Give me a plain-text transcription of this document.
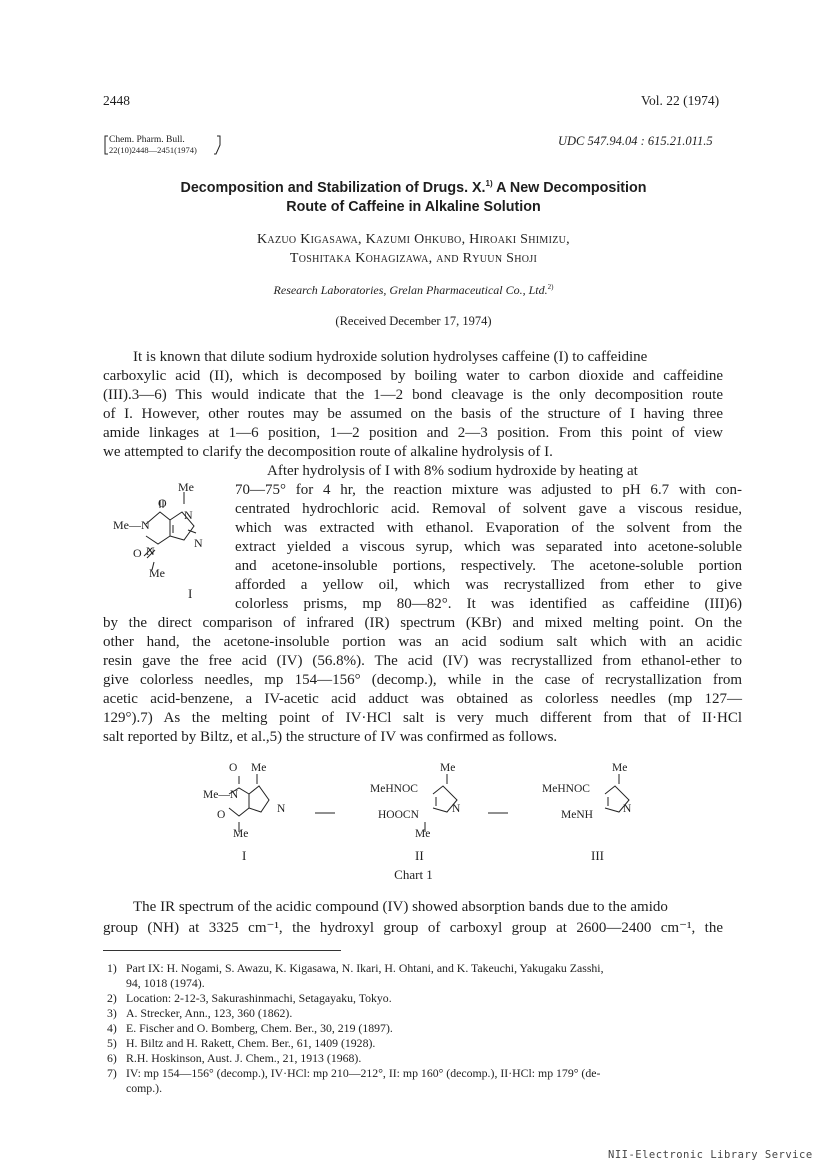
2448	Vol. 22 (1974)
Chem. Pharm. Bull.
22(10)2448—2451(1974)
UDC 547.94.04 : 615.21.011.5
Decomposition and Stabilization of Drugs. X.$^{1)}$ A New Decomposition
Route of Caffeine in Alkaline Solution
Kazuo Kigasawa, Kazumi Ohkubo, Hiroaki Shimizu,
Toshitaka Kohagizawa, and Ryuun Shoji
Research Laboratories, Grelan Pharmaceutical Co., Ltd.$^{2)}$
(Received December 17, 1974)
It is known that dilute sodium hydroxide solution hydrolyses caffeine (I) to caffeidine
carboxylic acid (II), which is decomposed by boiling water to carbon dioxide and caffeidine
(III).3—6) This would indicate that the 1—2 bond cleavage is the only decomposition route
of I. However, other routes may be assumed on the basis of the structure of I having three
amide linkages at 1—6 position, 1—2 position and 2—3 position. From this point of view
we attempted to clarify the decomposition route of alkaline hydrolysis of I.
Me
O
Me—N
N
N
O N
Me
I
After hydrolysis of I with 8% sodium hydroxide by heating at
70—75° for 4 hr, the reaction mixture was adjusted to pH 6.7 with con-
centrated hydrochloric acid. Removal of solvent gave a viscous residue,
which was extracted with ethanol. Evaporation of the solvent from the
extract yielded a viscous syrup, which was separated into acetone-soluble
and acetone-insoluble portions, respectively. The acetone-soluble portion
afforded a yellow oil, which was recrystallized from ether to give
colorless prisms, mp 80—82°. It was identified as caffeidine (III)6)
by the direct comparison of infrared (IR) spectrum (KBr) and mixed melting point. On the
other hand, the acetone-insoluble portion was an acid sodium salt which with an acidic
resin gave the free acid (IV) (56.8%). The acid (IV) was recrystallized from ethanol-ether to
give colorless needles, mp 154—156° (decomp.), while in the case of recrystallization from
acetic acid-benzene, a IV-acetic acid adduct was obtained as colorless needles (mp 127—
129°).7) As the melting point of IV·HCl salt is very much different from that of II·HCl
salt reported by Biltz, et al.,5) the structure of IV was confirmed as follows.
O Me
Me—N
O	N
Me
Me
MeHNOC
HOOCN	N
Me
Me
MeHNOC
MeNH	N
I	II	III
Chart 1
The IR spectrum of the acidic compound (IV) showed absorption bands due to the amido
group (NH) at 3325 cm⁻¹, the hydroxyl group of carboxyl group at 2600—2400 cm⁻¹, the
1) Part IX: H. Nogami, S. Awazu, K. Kigasawa, N. Ikari, H. Ohtani, and K. Takeuchi, Yakugaku Zasshi,
94, 1018 (1974).
2) Location: 2-12-3, Sakurashinmachi, Setagayaku, Tokyo.
3) A. Strecker, Ann., 123, 360 (1862).
4) E. Fischer and O. Bomberg, Chem. Ber., 30, 219 (1897).
5) H. Biltz and H. Rakett, Chem. Ber., 61, 1409 (1928).
6) R.H. Hoskinson, Aust. J. Chem., 21, 1913 (1968).
7) IV: mp 154—156° (decomp.), IV·HCl: mp 210—212°, II: mp 160° (decomp.), II·HCl: mp 179° (de-
comp.).
NII-Electronic Library Service
